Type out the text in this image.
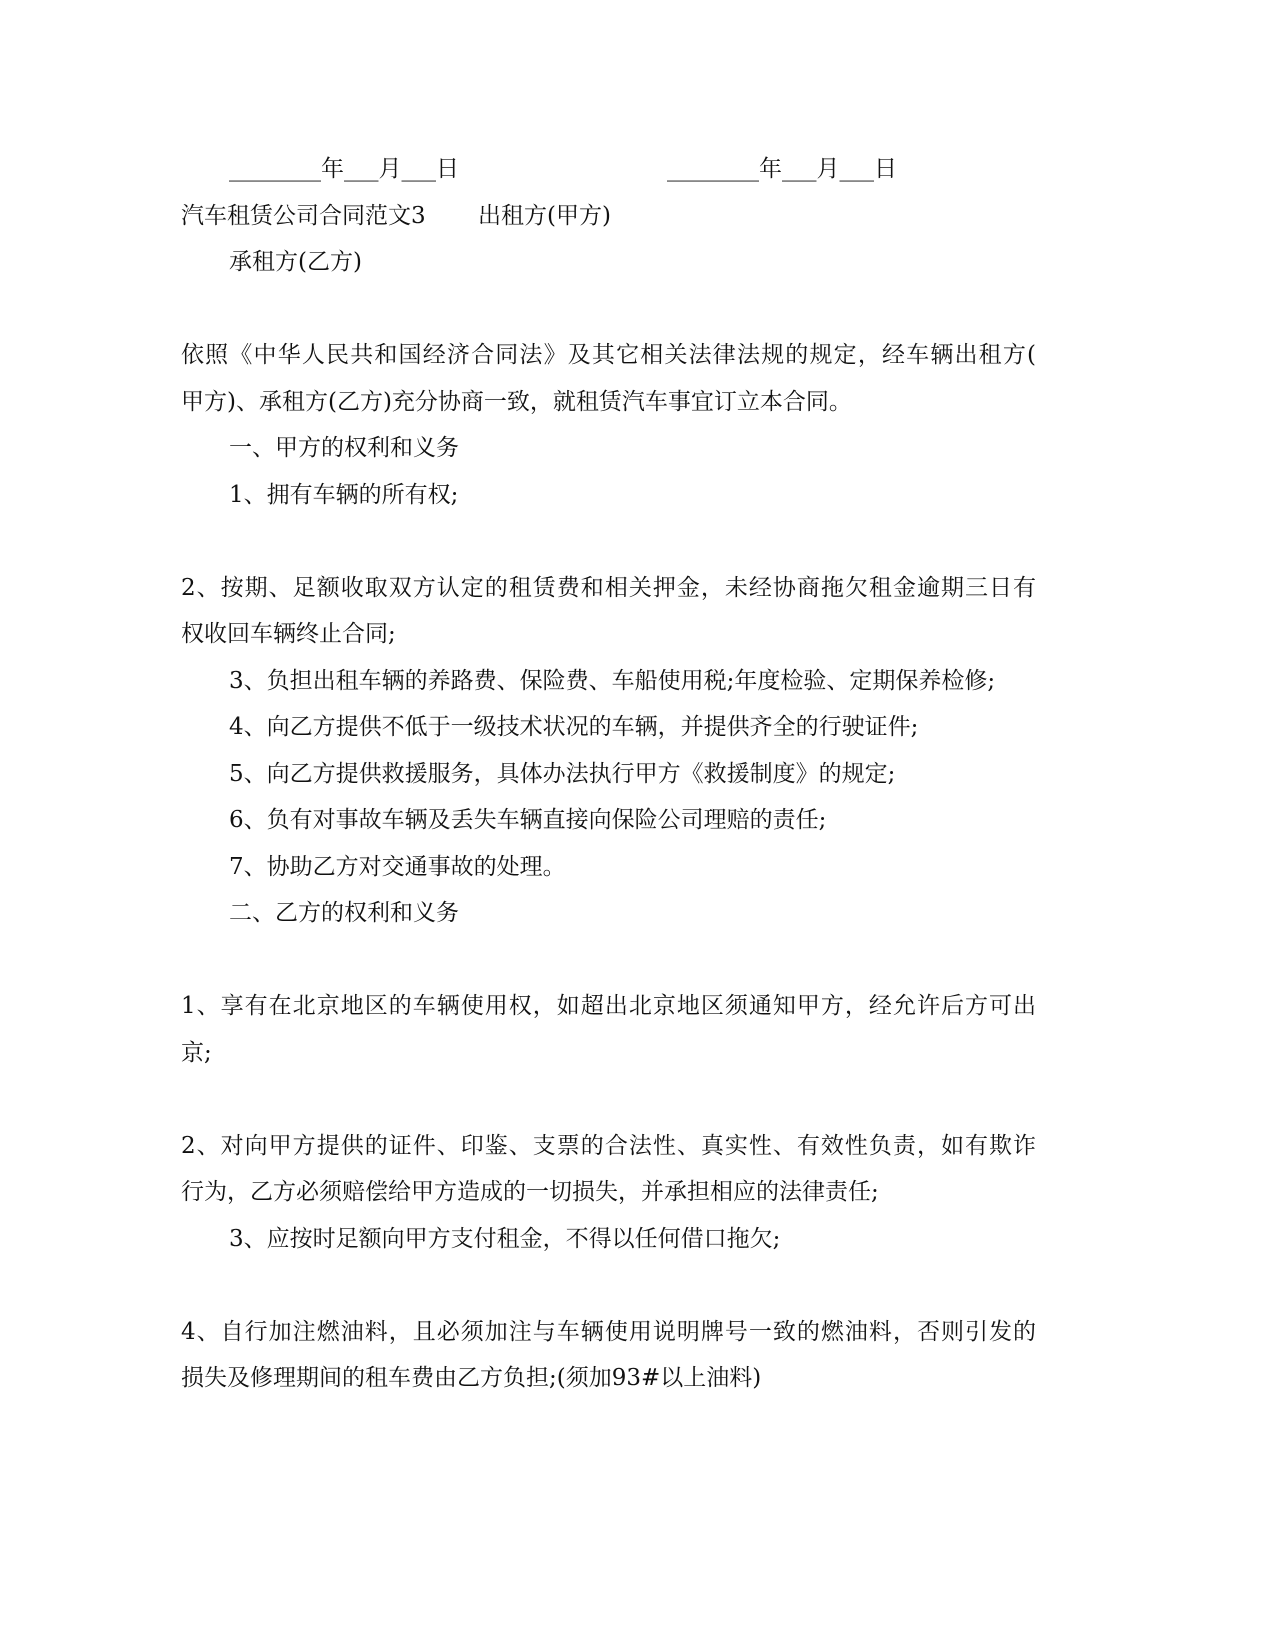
________年___月___日	________年___月___日
汽车租赁公司合同范文3 出租方(甲方)
承租方(乙方)
依照《中华人民共和国经济合同法》及其它相关法律法规的规定，经车辆出租方(
甲方)、承租方(乙方)充分协商一致，就租赁汽车事宜订立本合同。
一、甲方的权利和义务
1、拥有车辆的所有权;
2、按期、足额收取双方认定的租赁费和相关押金，未经协商拖欠租金逾期三日有
权收回车辆终止合同;
3、负担出租车辆的养路费、保险费、车船使用税;年度检验、定期保养检修;
4、向乙方提供不低于一级技术状况的车辆，并提供齐全的行驶证件;
5、向乙方提供救援服务，具体办法执行甲方《救援制度》的规定;
6、负有对事故车辆及丢失车辆直接向保险公司理赔的责任;
7、协助乙方对交通事故的处理。
二、乙方的权利和义务
1、享有在北京地区的车辆使用权，如超出北京地区须通知甲方，经允许后方可出
京;
2、对向甲方提供的证件、印鉴、支票的合法性、真实性、有效性负责，如有欺诈
行为，乙方必须赔偿给甲方造成的一切损失，并承担相应的法律责任;
3、应按时足额向甲方支付租金，不得以任何借口拖欠;
4、自行加注燃油料，且必须加注与车辆使用说明牌号一致的燃油料，否则引发的
损失及修理期间的租车费由乙方负担;(须加93#以上油料)
